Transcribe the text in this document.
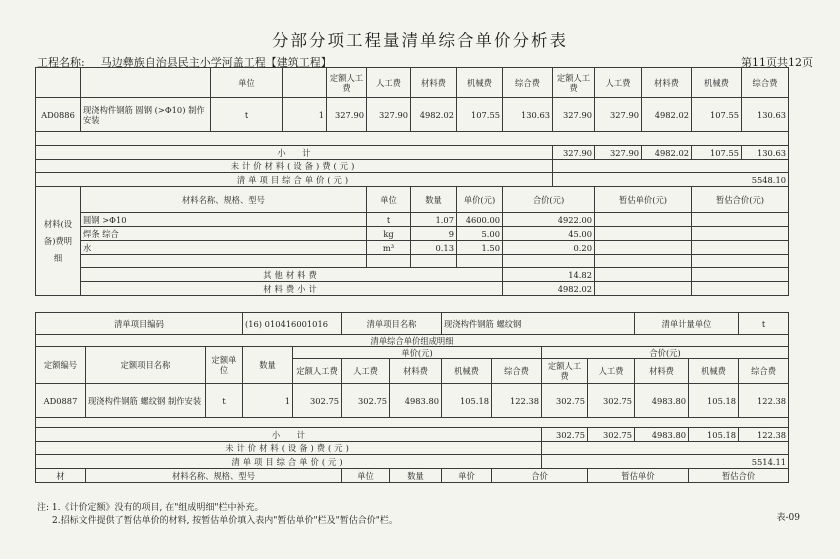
分部分项工程量清单综合单价分析表
工程名称: 马边彝族自治县民主小学河盖工程【建筑工程】	第11页共12页
		单位		定额人工费	人工费	材料费	机械费	综合费	定额人工费	人工费	材料费	机械费	综合费
AD0886	现浇构件钢筋 圆钢 (>Φ10) 制作安装	t	1	327.90	327.90	4982.02	107.55	130.63	327.90	327.90	4982.02	107.55	130.63

小　　计									327.90	327.90	4982.02	107.55	130.63
未计价材料(设备)费(元)													
清单项目综合单价(元)									5548.10				
材料(设备)费明细	材料名称、规格、型号				单位	数量	单价(元)	合价(元)		暂估单价(元)		暂估合价(元)	
	圆钢 >Φ10				t	1.07	4600.00	4922.00					
	焊条 综合				kg	9	5.00	45.00					
	水				m³	0.13	1.50	0.20					

	其他材料费							14.82					
	材料费小计							4982.02					
清单项目编码			(16) 010416001016		清单项目名称		现浇构件钢筋 螺纹钢				清单计量单位		t
清单综合单价组成明细													
定额编号	定额项目名称	定额单位	数量	单价(元)					合价(元)				
				定额人工费	人工费	材料费	机械费	综合费	定额人工费	人工费	材料费	机械费	综合费
AD0887	现浇构件钢筋 螺纹钢 制作安装	t	1	302.75	302.75	4983.80	105.18	122.38	302.75	302.75	4983.80	105.18	122.38

小　　计									302.75	302.75	4983.80	105.18	122.38
未计价材料(设备)费(元)													
清单项目综合单价(元)									5514.11				
材	材料名称、规格、型号				单位	数量	单价	合价		暂估单价		暂估合价	
注: 1.《计价定额》没有的项目, 在"组成明细"栏中补充。
2.招标文件提供了暂估单价的材料, 按暂估单价填入表内"暂估单价"栏及"暂估合价"栏。	表-09
